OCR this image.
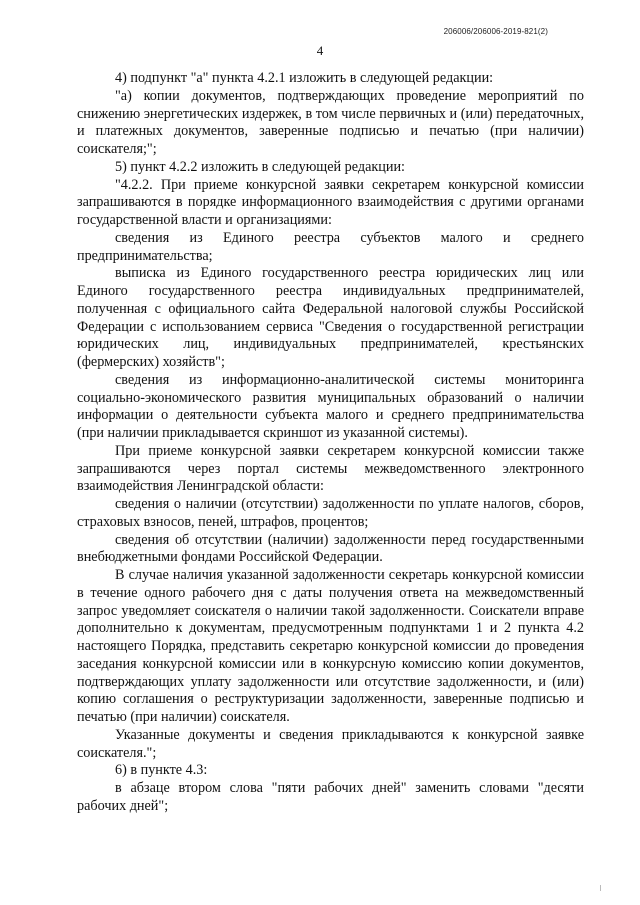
206006/206006-2019-821(2)
4

4) подпункт "а" пункта 4.2.1 изложить в следующей редакции:

"а) копии документов, подтверждающих проведение мероприятий по снижению энергетических издержек, в том числе первичных и (или) передаточных, и платежных документов, заверенные подписью и печатью (при наличии) соискателя;";

5) пункт 4.2.2 изложить в следующей редакции:

"4.2.2. При приеме конкурсной заявки секретарем конкурсной комиссии запрашиваются в порядке информационного взаимодействия с другими органами государственной власти и организациями:

сведения из Единого реестра субъектов малого и среднего предпринимательства;

выписка из Единого государственного реестра юридических лиц или Единого государственного реестра индивидуальных предпринимателей, полученная с официального сайта Федеральной налоговой службы Российской Федерации с использованием сервиса "Сведения о государственной регистрации юридических лиц, индивидуальных предпринимателей, крестьянских (фермерских) хозяйств";

сведения из информационно-аналитической системы мониторинга социально-экономического развития муниципальных образований о наличии информации о деятельности субъекта малого и среднего предпринимательства (при наличии прикладывается скриншот из указанной системы).

При приеме конкурсной заявки секретарем конкурсной комиссии также запрашиваются через портал системы межведомственного электронного взаимодействия Ленинградской области:

сведения о наличии (отсутствии) задолженности по уплате налогов, сборов, страховых взносов, пеней, штрафов, процентов;

сведения об отсутствии (наличии) задолженности перед государственными внебюджетными фондами Российской Федерации.

В случае наличия указанной задолженности секретарь конкурсной комиссии в течение одного рабочего дня с даты получения ответа на межведомственный запрос уведомляет соискателя о наличии такой задолженности. Соискатели вправе дополнительно к документам, предусмотренным подпунктами 1 и 2 пункта 4.2 настоящего Порядка, представить секретарю конкурсной комиссии до проведения заседания конкурсной комиссии или в конкурсную комиссию копии документов, подтверждающих уплату задолженности или отсутствие задолженности, и (или) копию соглашения о реструктуризации задолженности, заверенные подписью и печатью (при наличии) соискателя.

Указанные документы и сведения прикладываются к конкурсной заявке соискателя.";

6) в пункте 4.3:

в абзаце втором слова "пяти рабочих дней" заменить словами "десяти рабочих дней";
